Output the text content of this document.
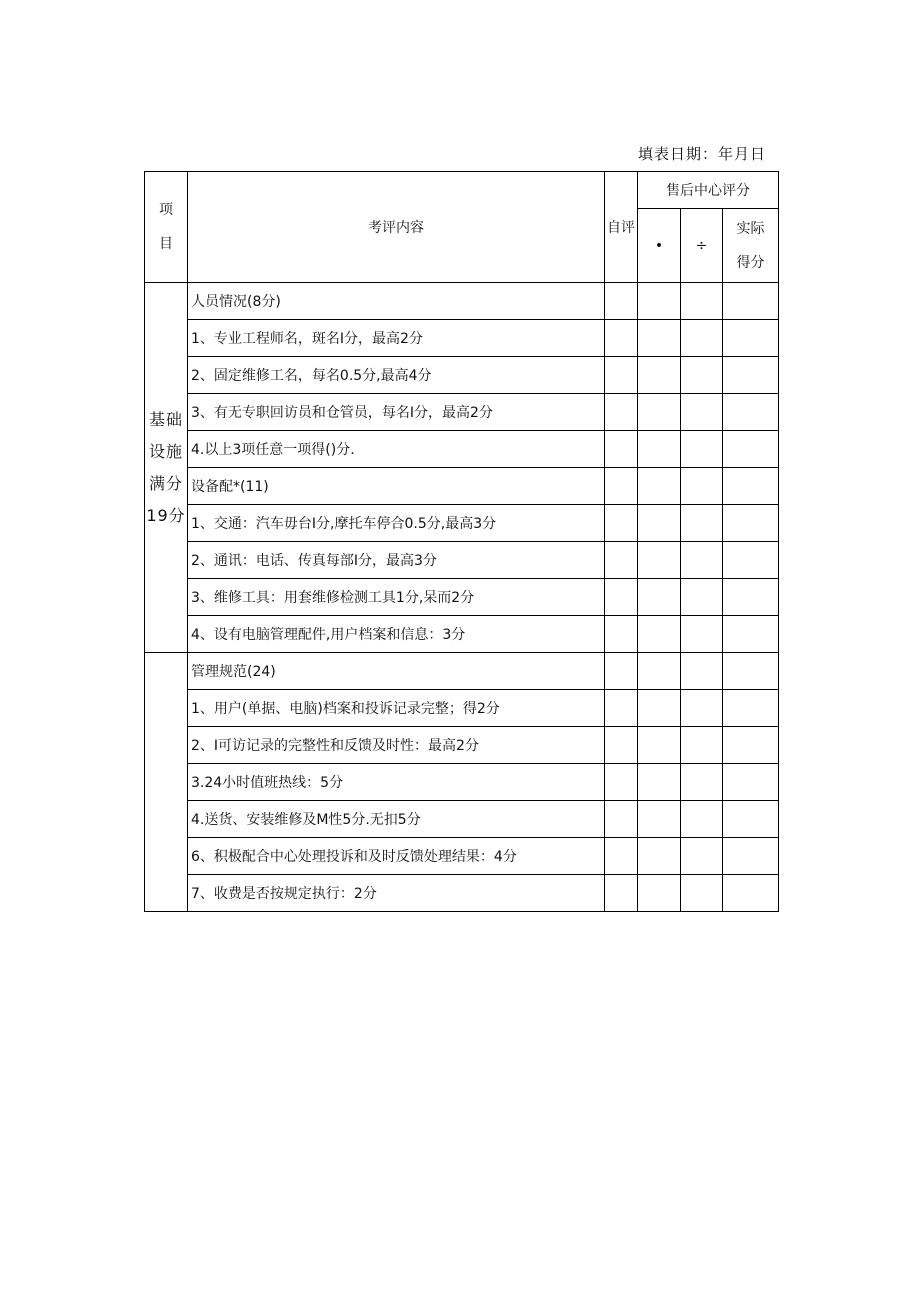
填表日期：年月日
项
目	考评内容	自评	售后中心评分		
			•	÷	实际
得分

基础
设施
满分
19分	人员情况(8分)				
	1、专业工程师名，斑名I分，最高2分				
	2、固定维修工名，每名0.5分,最高4分				
	3、有无专职回访员和仓管员，每名I分，最高2分				
	4.以上3项任意一项得()分.				
	设备配*(11)				
	1、交通：汽车毋台I分,摩托车停合0.5分,最高3分				
	2、通讯：电话、传真每部I分，最高3分				
	3、维修工具：用套维修检测工具1分,呆而2分				
	4、设有电脑管理配件,用户档案和信息：3分				
	管理规范(24)				
	1、用户(单据、电脑)档案和投诉记录完整；得2分				
	2、I可访记录的完整性和反馈及时性：最高2分				
	3.24小时值班热线：5分				
	4.送货、安装维修及M性5分.无扣5分				
	6、积极配合中心处理投诉和及时反馈处理结果：4分				
	7、收费是否按规定执行：2分				
